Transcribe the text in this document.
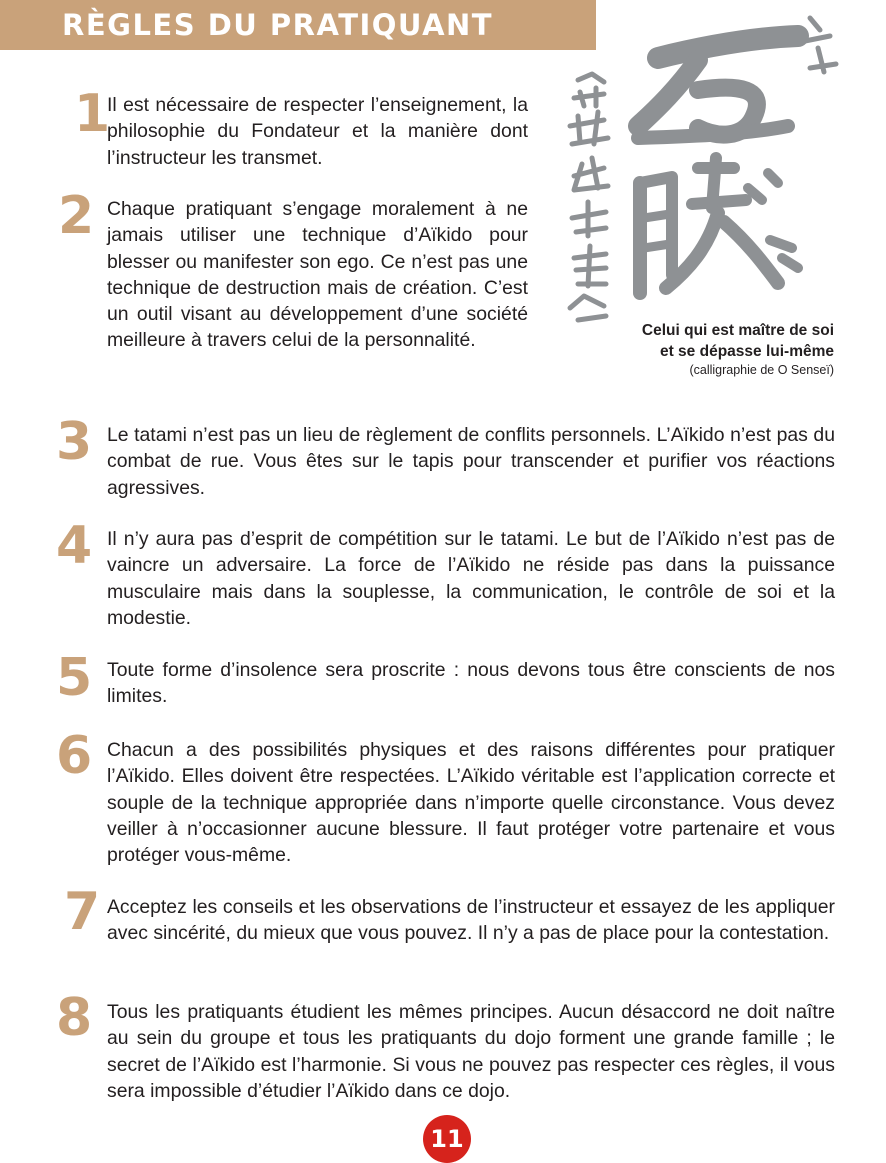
RÈGLES DU PRATIQUANT
Celui qui est maître de soi
et se dépasse lui-même
(calligraphie de O Senseï)
1
Il est nécessaire de respecter l’enseignement, la philosophie du Fondateur et la manière dont l’instructeur les transmet.
2 Chaque pratiquant s’engage moralement à ne jamais utiliser une technique d’Aïkido pour blesser ou manifester son ego. Ce n’est pas une technique de destruction mais de création. C’est un outil visant au développement d’une société meilleure à travers celui de la personnalité.
3 Le tatami n’est pas un lieu de règlement de conflits personnels. L’Aïkido n’est pas du combat de rue. Vous êtes sur le tapis pour transcender et purifier vos réactions agressives.
4 Il n’y aura pas d’esprit de compétition sur le tatami. Le but de l’Aïkido n’est pas de vaincre un adversaire. La force de l’Aïkido ne réside pas dans la puissance musculaire mais dans la souplesse, la communication, le contrôle de soi et la modestie.
5 Toute forme d’insolence sera proscrite : nous devons tous être conscients de nos limites.
6 Chacun a des possibilités physiques et des raisons différentes pour pratiquer l’Aïkido. Elles doivent être respectées. L’Aïkido véritable est l’application correcte et souple de la technique appropriée dans n’importe quelle circonstance. Vous devez veiller à n’occasionner aucune blessure. Il faut protéger votre partenaire et vous protéger vous-même.
7 Acceptez les conseils et les observations de l’instructeur et essayez de les appliquer avec sincérité, du mieux que vous pouvez. Il n’y a pas de place pour la contestation.
8 Tous les pratiquants étudient les mêmes principes. Aucun désaccord ne doit naître au sein du groupe et tous les pratiquants du dojo forment une grande famille ; le secret de l’Aïkido est l’harmonie. Si vous ne pouvez pas respecter ces règles, il vous sera impossible d’étudier l’Aïkido dans ce dojo.
11
